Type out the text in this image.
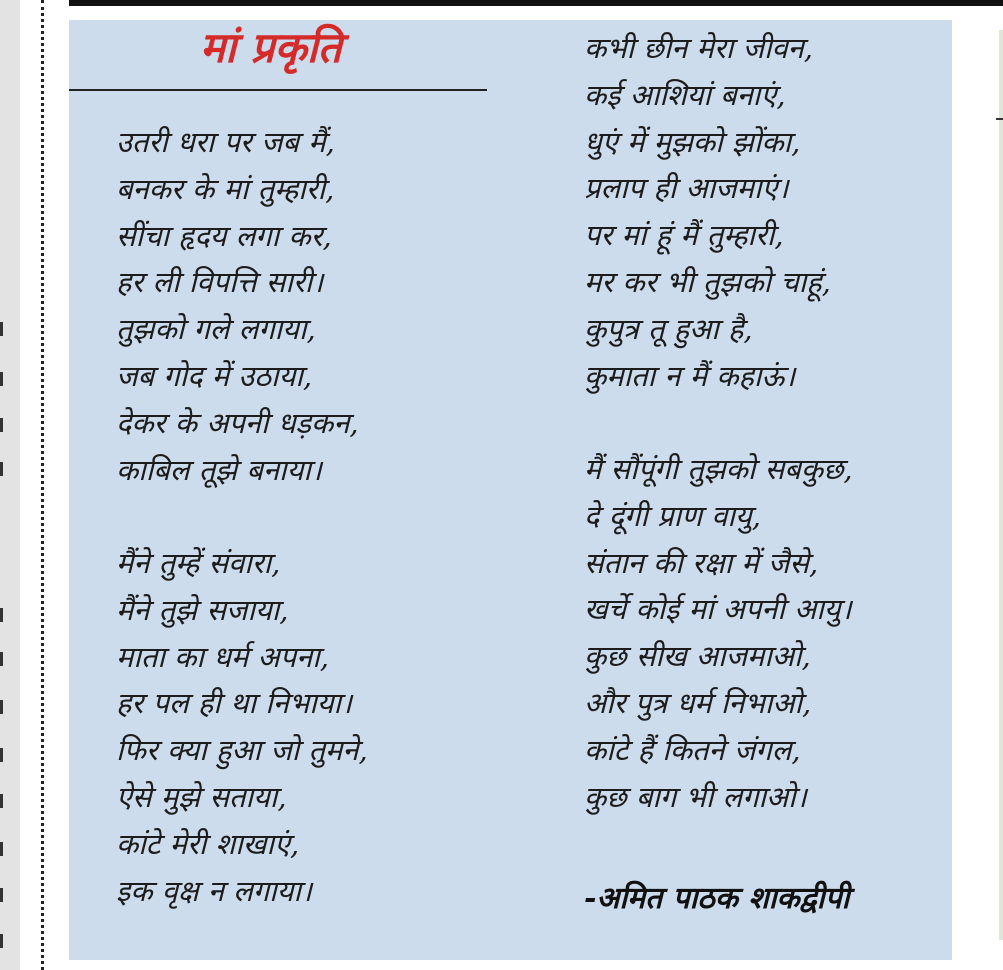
मां प्रकृति
उतरी धरा पर जब मैं,
बनकर के मां तुम्हारी,
सींचा हृदय लगा कर,
हर ली विपत्ति सारी।
तुझको गले लगाया,
जब गोद में उठाया,
देकर के अपनी धड़कन,
काबिल तूझे बनाया।
मैंने तुम्हें संवारा,
मैंने तुझे सजाया,
माता का धर्म अपना,
हर पल ही था निभाया।
फिर क्या हुआ जो तुमने,
ऐसे मुझे सताया,
कांटे मेरी शाखाएं,
इक वृक्ष न लगाया।
कभी छीन मेरा जीवन,
कई आशियां बनाएं,
धुएं में मुझको झोंका,
प्रलाप ही आजमाएं।
पर मां हूं मैं तुम्हारी,
मर कर भी तुझको चाहूं,
कुपुत्र तू हुआ है,
कुमाता न मैं कहाऊं।
मैं सौंपूंगी तुझको सबकुछ,
दे दूंगी प्राण वायु,
संतान की रक्षा में जैसे,
खर्चे कोई मां अपनी आयु।
कुछ सीख आजमाओ,
और पुत्र धर्म निभाओ,
कांटे हैं कितने जंगल,
कुछ बाग भी लगाओ।

-अमित पाठक शाकद्वीपी
